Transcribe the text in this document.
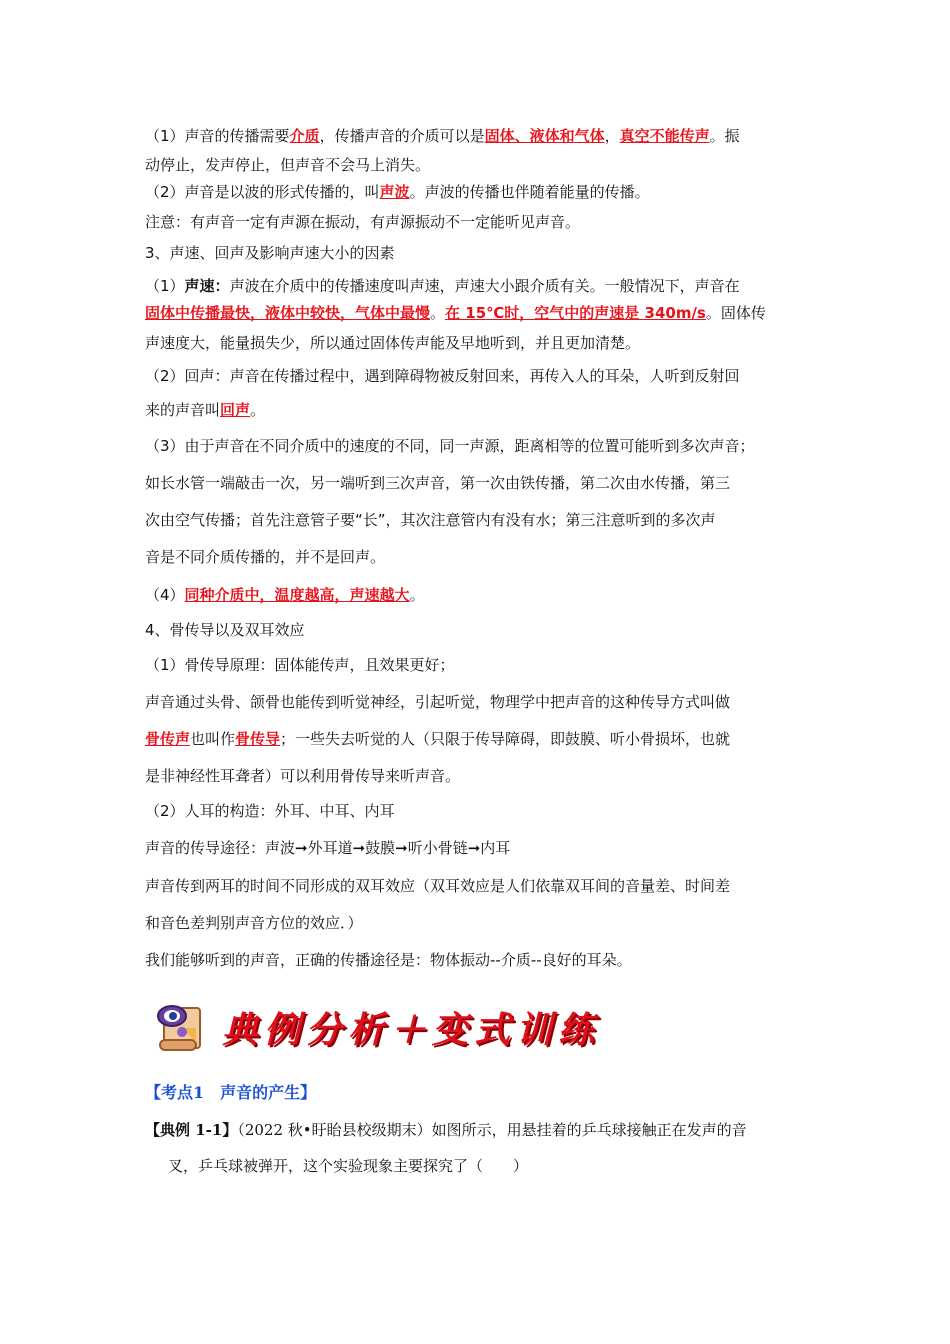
（1）声音的传播需要介质，传播声音的介质可以是固体、液体和气体，真空不能传声。振
动停止，发声停止，但声音不会马上消失。
（2）声音是以波的形式传播的，叫声波。声波的传播也伴随着能量的传播。
注意：有声音一定有声源在振动，有声源振动不一定能听见声音。
3、声速、回声及影响声速大小的因素
（1）声速：声波在介质中的传播速度叫声速，声速大小跟介质有关。一般情况下，声音在
固体中传播最快，液体中较快，气体中最慢。在 15℃时，空气中的声速是 340m/s。固体传
声速度大，能量损失少，所以通过固体传声能及早地听到，并且更加清楚。
（2）回声：声音在传播过程中，遇到障碍物被反射回来，再传入人的耳朵，人听到反射回
来的声音叫回声。
（3）由于声音在不同介质中的速度的不同，同一声源，距离相等的位置可能听到多次声音；
如长水管一端敲击一次，另一端听到三次声音，第一次由铁传播，第二次由水传播，第三
次由空气传播；首先注意管子要“长”，其次注意管内有没有水；第三注意听到的多次声
音是不同介质传播的，并不是回声。
（4）同种介质中，温度越高，声速越大。
4、骨传导以及双耳效应
（1）骨传导原理：固体能传声，且效果更好；
声音通过头骨、颌骨也能传到听觉神经，引起听觉，物理学中把声音的这种传导方式叫做
骨传声也叫作骨传导；一些失去听觉的人（只限于传导障碍，即鼓膜、听小骨损坏，也就
是非神经性耳聋者）可以利用骨传导来听声音。
（2）人耳的构造：外耳、中耳、内耳
声音的传导途径：声波➞外耳道➞鼓膜➞听小骨链➞内耳
声音传到两耳的时间不同形成的双耳效应（双耳效应是人们依靠双耳间的音量差、时间差
和音色差判别声音方位的效应．）
我们能够听到的声音，正确的传播途径是：物体振动--介质--良好的耳朵。
典例分析＋变式训练
【考点1　声音的产生】
【典例 1-1】（2022 秋•盱眙县校级期末）如图所示，用悬挂着的乒乓球接触正在发声的音
叉，乒乓球被弹开，这个实验现象主要探究了（　　）
